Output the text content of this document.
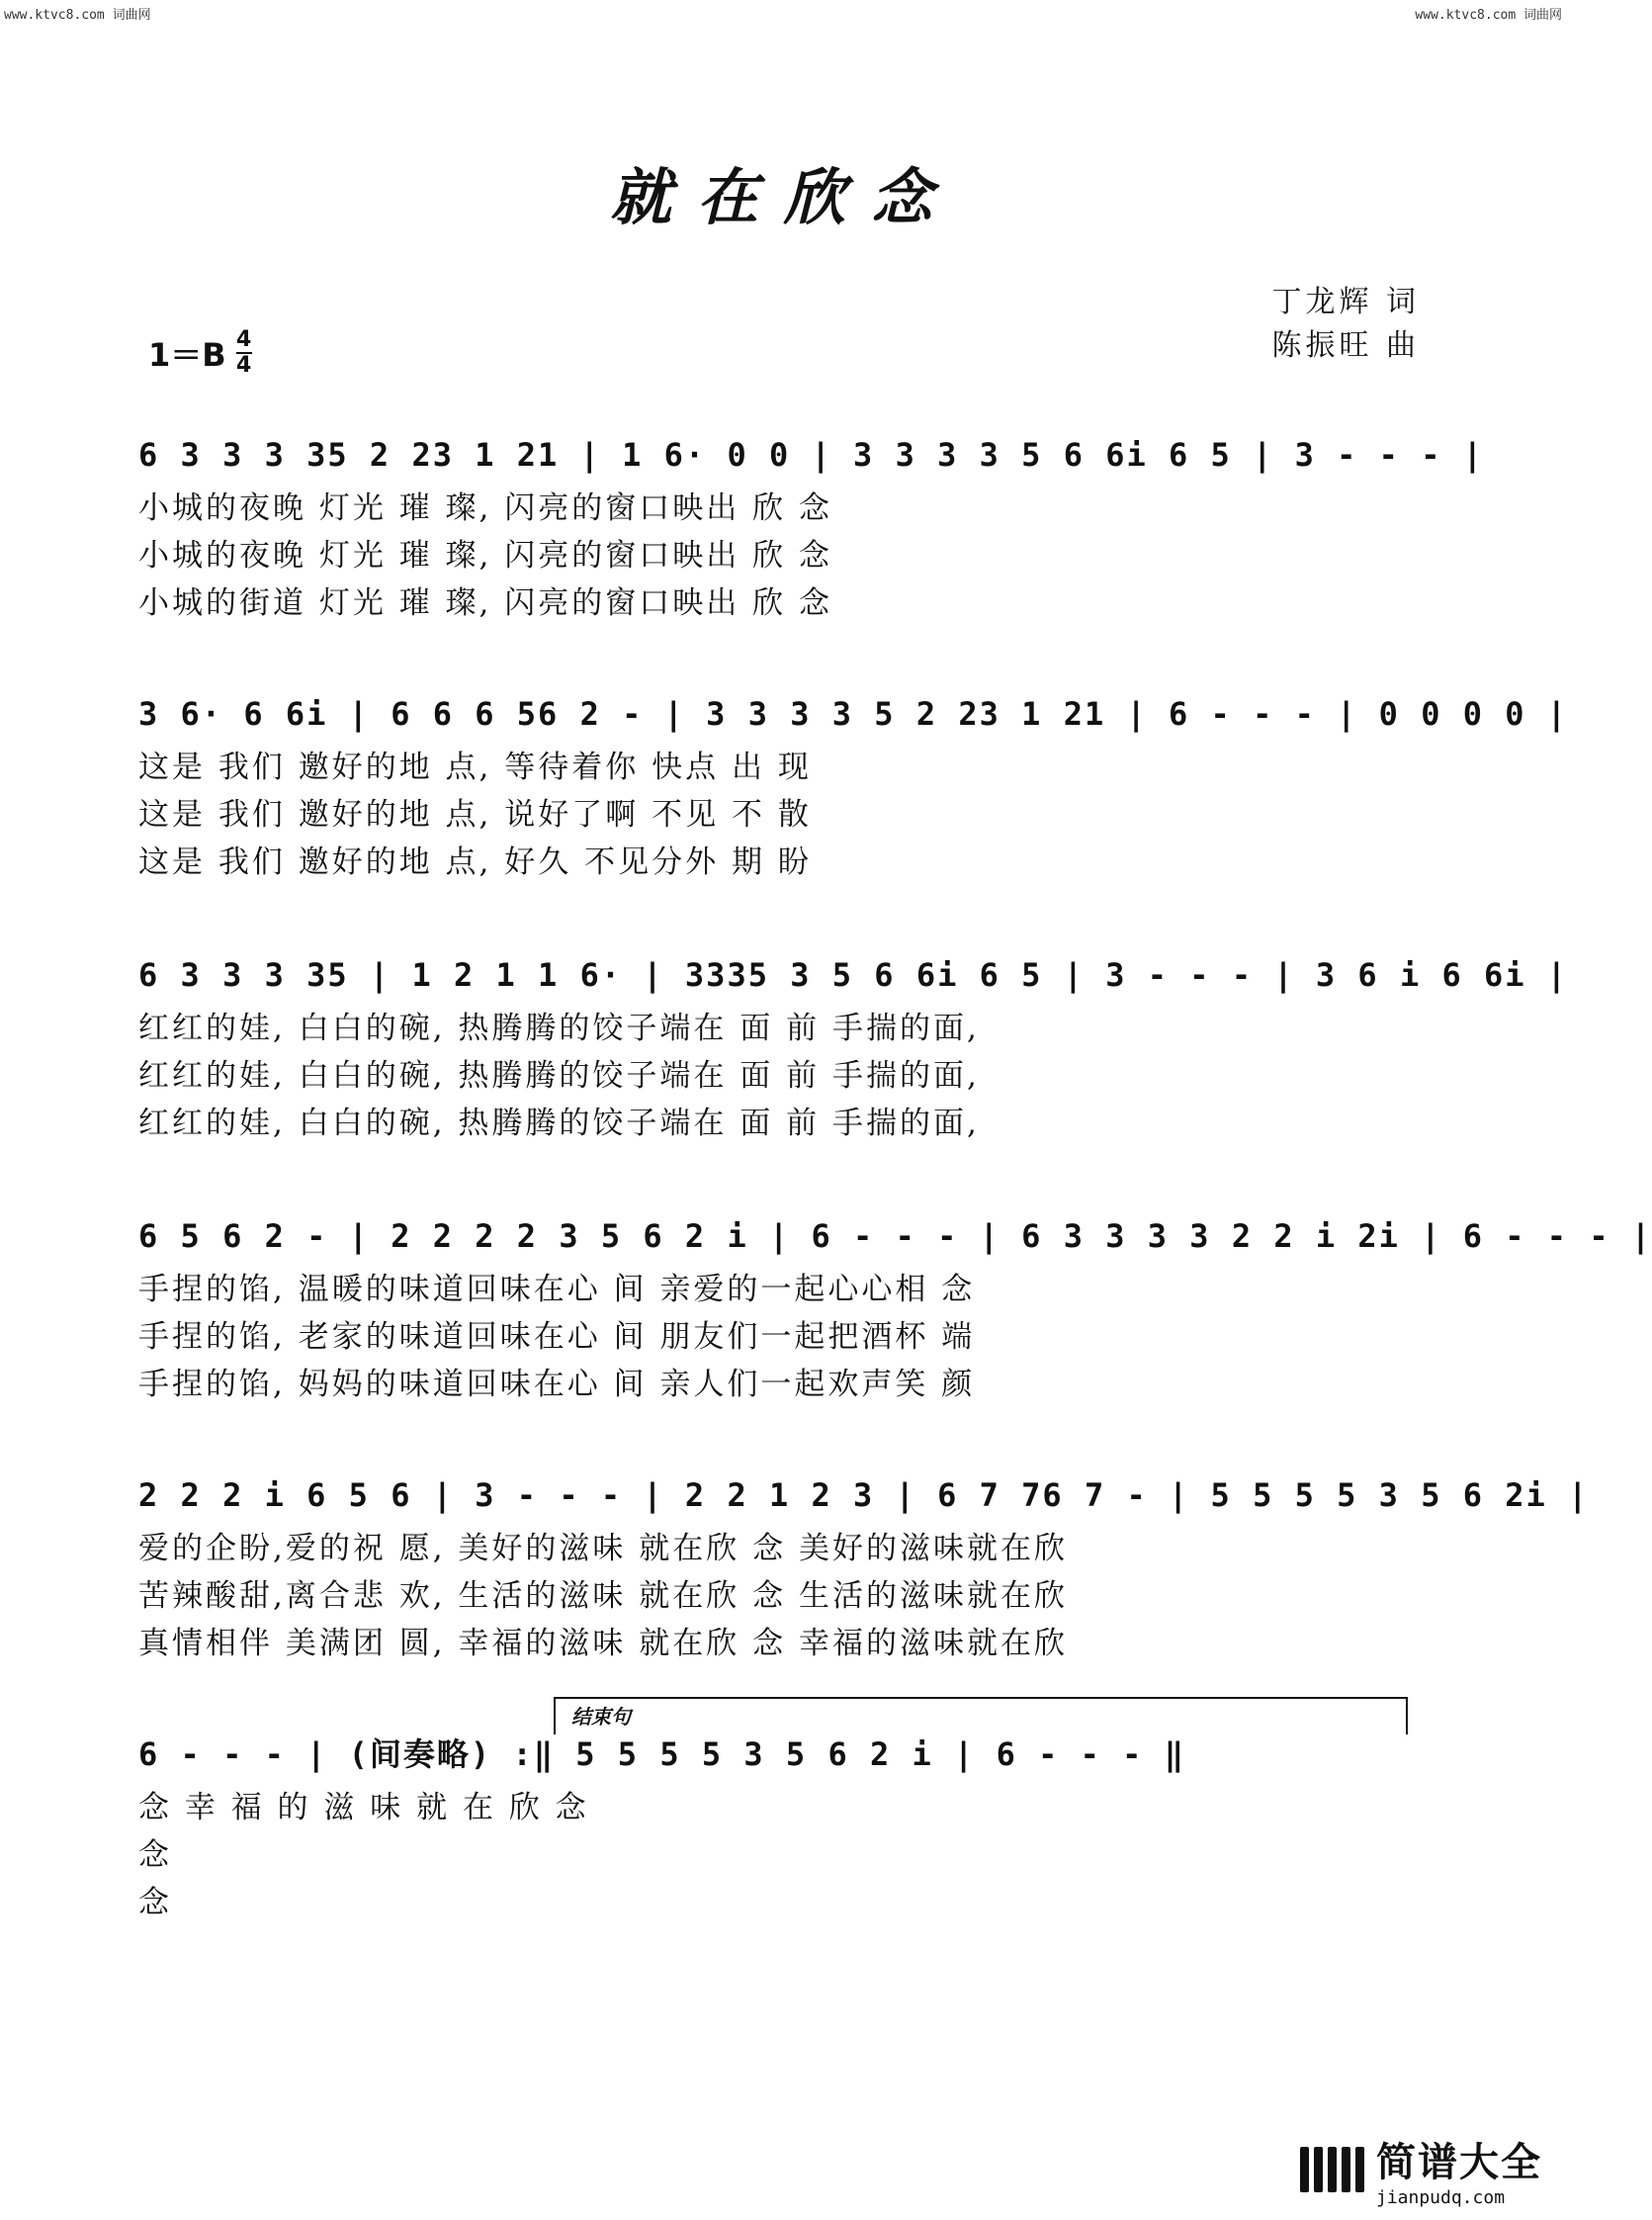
www.ktvc8.com 词曲网	www.ktvc8.com 词曲网
就在欣念
丁龙辉 词
陈振旺 曲
$1=B \frac{4}{4}$
6 3 3 3 35 2 23 1 21 | 1 6· 0 0 | 3 3 3 3 5 6 6i 6 5 | 3 - - - |
小城的夜晚 灯光 璀 璨, 闪亮的窗口映出 欣 念
小城的夜晚 灯光 璀 璨, 闪亮的窗口映出 欣 念
小城的街道 灯光 璀 璨, 闪亮的窗口映出 欣 念
3 6· 6 6i | 6 6 6 56 2 - | 3 3 3 3 5 2 23 1 21 | 6 - - - | 0 0 0 0 |
这是 我们 邀好的地 点, 等待着你 快点 出 现
这是 我们 邀好的地 点, 说好了啊 不见 不 散
这是 我们 邀好的地 点, 好久 不见分外 期 盼
6 3 3 3 35 | 1 2 1 1 6· | 3335 3 5 6 6i 6 5 | 3 - - - | 3 6 i 6 6i |
红红的娃, 白白的碗, 热腾腾的饺子端在 面 前 手揣的面,
红红的娃, 白白的碗, 热腾腾的饺子端在 面 前 手揣的面,
红红的娃, 白白的碗, 热腾腾的饺子端在 面 前 手揣的面,
6 5 6 2 - | 2 2 2 2 3 5 6 2 i | 6 - - - | 6 3 3 3 3 2 2 i 2i | 6 - - - |
手捏的馅, 温暖的味道回味在心 间 亲爱的一起心心相 念
手捏的馅, 老家的味道回味在心 间 朋友们一起把酒杯 端
手捏的馅, 妈妈的味道回味在心 间 亲人们一起欢声笑 颜
2 2 2 i 6 5 6 | 3 - - - | 2 2 1 2 3 | 6 7 76 7 - | 5 5 5 5 3 5 6 2i |
爱的企盼,爱的祝 愿, 美好的滋味 就在欣 念 美好的滋味就在欣
苦辣酸甜,离合悲 欢, 生活的滋味 就在欣 念 生活的滋味就在欣
真情相伴 美满团 圆, 幸福的滋味 就在欣 念 幸福的滋味就在欣
结束句
6 - - - | (间奏略) :‖ 5 5 5 5 3 5 6 2 i | 6 - - - ‖
念 幸 福 的 滋 味 就 在 欣 念
念
念
简谱大全
jianpudq.com
